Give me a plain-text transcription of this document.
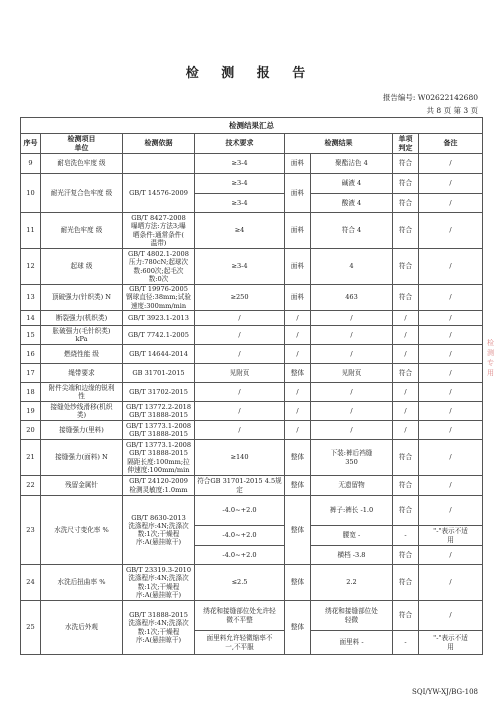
检 测 报 告
报告编号: W02622142680
共 8 页 第 3 页
检测结果汇总							
序号	检测项目
单位	检测依据	技术要求	检测结果		单项
判定	备注
9	耐皂洗色牢度 级		≥3-4	面料	聚酯沾色 4	符合	/
10	耐光汗复合色牢度 级	GB/T 14576-2009	≥3-4	面料	碱液 4	符合	/
			≥3-4		酸液 4	符合	/
11	耐光色牢度 级	GB/T 8427-2008
曝晒方法:方法3;曝
晒条件:通常条件(
温带)	≥4	面料	符合 4	符合	/
12	起球 级	GB/T 4802.1-2008
压力:780cN;起球次
数:600次;起毛次
数:0次	≥3-4	面料	4	符合	/
13	顶破强力(针织类) N	GB/T 19976-2005
钢球直径:38mm;试验
速度:300mm/min	≥250	面料	463	符合	/
14	断裂强力(机织类)	GB/T 3923.1-2013	/	/	/	/	/
15	胀破强力(毛针织类)
kPa	GB/T 7742.1-2005	/	/	/	/	/
16	燃烧性能 级	GB/T 14644-2014	/	/	/	/	/
17	绳带要求	GB 31701-2015	见附页	整体	见附页	符合	/
18	附件尖端和边缘的锐利
性	GB/T 31702-2015	/	/	/	/	/
19	接缝处纱线滑移(机织
类)	GB/T 13772.2-2018
GB/T 31888-2015	/	/	/	/	/
20	接缝强力(里料)	GB/T 13773.1-2008
GB/T 31888-2015	/	/	/	/	/
21	接缝强力(面料) N	GB/T 13773.1-2008
GB/T 31888-2015
隔距长度:100mm;拉
伸速度:100mm/min	≥140	整体	下装:裤后裆缝
350	符合	/
22	残留金属针	GB/T 24120-2009
检测灵敏度:1.0mm	符合GB 31701-2015 4.5规
定	整体	无遗留物	符合	/
23	水洗尺寸变化率 %	GB/T 8630-2013
洗涤程序:4N;洗涤次
数:1次;干燥程
序:A(悬挂晾干)	-4.0~+2.0	整体	裤子:裤长 -1.0	符合	/
			-4.0~+2.0		腰宽 -	-	"-"表示不适
用
			-4.0~+2.0		横档 -3.8	符合	/
24	水洗后扭曲率 %	GB/T 23319.3-2010
洗涤程序:4N;洗涤次
数:1次;干燥程
序:A(悬挂晾干)	≤2.5	整体	2.2	符合	/
25	水洗后外观	GB/T 31888-2015
洗涤程序:4N;洗涤次
数:1次;干燥程
序:A(悬挂晾干)	绣花和接缝部位处允许轻
微不平整	整体	绣花和接缝部位处
轻微	符合	/
			面里料允许轻微缩率不
一,不平服		面里料 -	-	"-"表示不适
用
检
测
专
用
SQI/YW-XJ/BG-108
